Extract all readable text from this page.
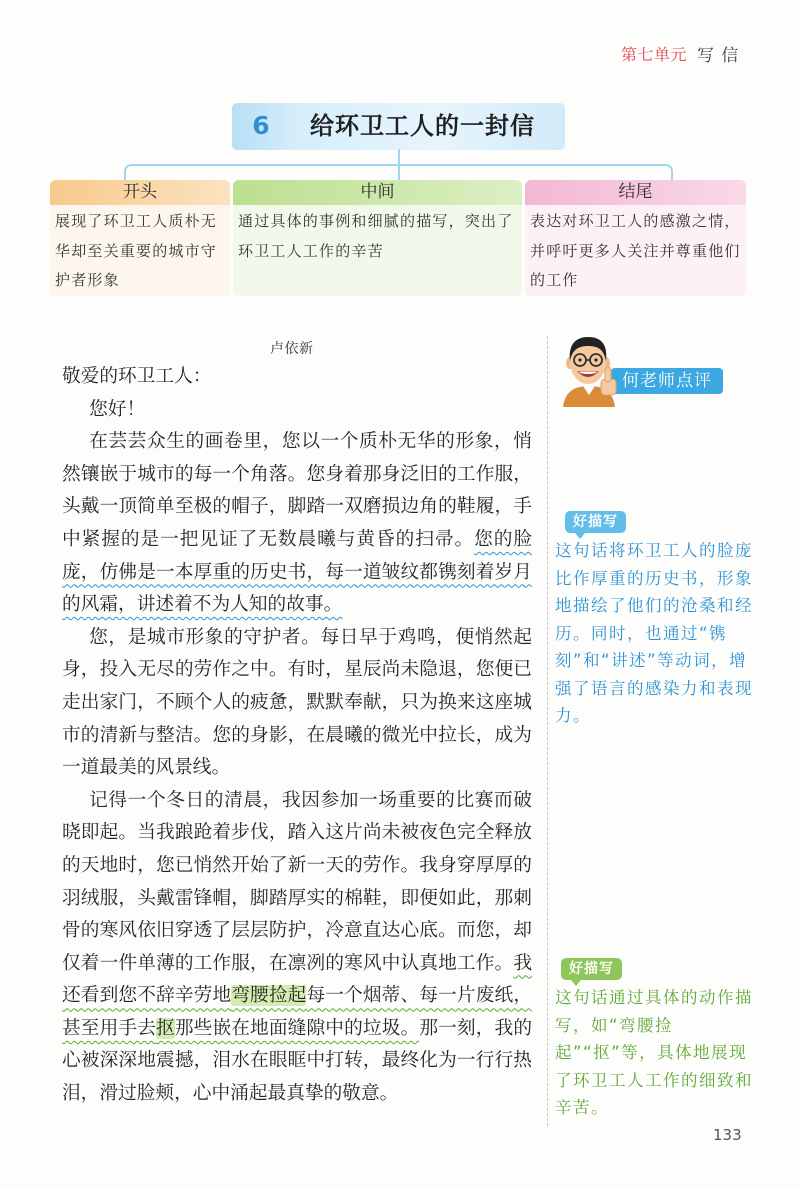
第七单元 写 信
6	给环卫工人的一封信
开头
展现了环卫工人质朴无华却至关重要的城市守护者形象
中间
通过具体的事例和细腻的描写，突出了环卫工人工作的辛苦
结尾
表达对环卫工人的感激之情，并呼吁更多人关注并尊重他们的工作
卢依新

敬爱的环卫工人：

您好！

在芸芸众生的画卷里，您以一个质朴无华的形象，悄然镶嵌于城市的每一个角落。您身着那身泛旧的工作服，头戴一顶简单至极的帽子，脚踏一双磨损边角的鞋履，手中紧握的是一把见证了无数晨曦与黄昏的扫帚。您的脸庞，仿佛是一本厚重的历史书，每一道皱纹都镌刻着岁月的风霜，讲述着不为人知的故事。

您，是城市形象的守护者。每日早于鸡鸣，便悄然起身，投入无尽的劳作之中。有时，星辰尚未隐退，您便已走出家门，不顾个人的疲惫，默默奉献，只为换来这座城市的清新与整洁。您的身影，在晨曦的微光中拉长，成为一道最美的风景线。

记得一个冬日的清晨，我因参加一场重要的比赛而破晓即起。当我踉跄着步伐，踏入这片尚未被夜色完全释放的天地时，您已悄然开始了新一天的劳作。我身穿厚厚的羽绒服，头戴雷锋帽，脚踏厚实的棉鞋，即便如此，那刺骨的寒风依旧穿透了层层防护，冷意直达心底。而您，却仅着一件单薄的工作服，在凛冽的寒风中认真地工作。我还看到您不辞辛劳地弯腰捡起每一个烟蒂、每一片废纸，甚至用手去抠那些嵌在地面缝隙中的垃圾。那一刻，我的心被深深地震撼，泪水在眼眶中打转，最终化为一行行热泪，滑过脸颊，心中涌起最真挚的敬意。

何老师点评
好描写
这句话将环卫工人的脸庞比作厚重的历史书，形象地描绘了他们的沧桑和经历。同时，也通过“镌刻”和“讲述”等动词，增强了语言的感染力和表现力。
好描写
这句话通过具体的动作描写，如“弯腰捡起”“抠”等，具体地展现了环卫工人工作的细致和辛苦。
133
